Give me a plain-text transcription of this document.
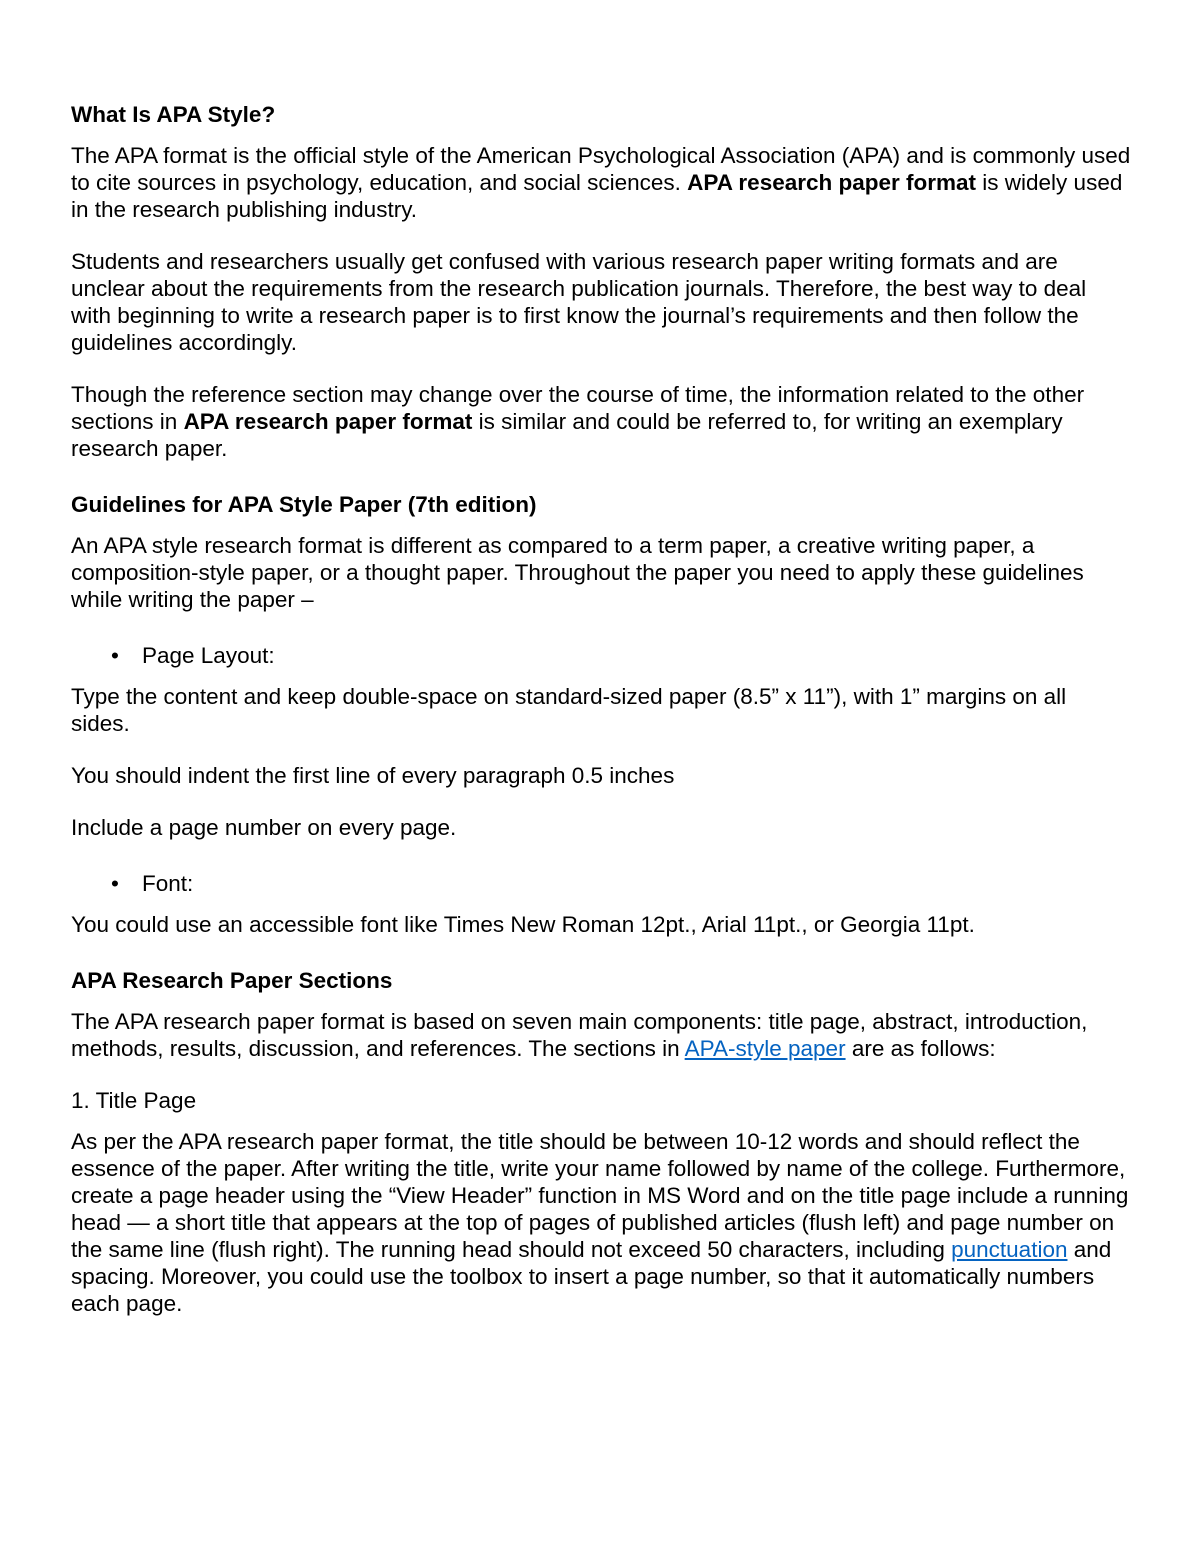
What Is APA Style?

The APA format is the official style of the American Psychological Association (APA) and is commonly used to cite sources in psychology, education, and social sciences. APA research paper format is widely used in the research publishing industry.

Students and researchers usually get confused with various research paper writing formats and are unclear about the requirements from the research publication journals. Therefore, the best way to deal with beginning to write a research paper is to first know the journal’s requirements and then follow the guidelines accordingly.

Though the reference section may change over the course of time, the information related to the other sections in APA research paper format is similar and could be referred to, for writing an exemplary research paper.

Guidelines for APA Style Paper (7th edition)

An APA style research format is different as compared to a term paper, a creative writing paper, a composition-style paper, or a thought paper. Throughout the paper you need to apply these guidelines while writing the paper –

• Page Layout:

Type the content and keep double-space on standard-sized paper (8.5” x 11”), with 1” margins on all sides.

You should indent the first line of every paragraph 0.5 inches

Include a page number on every page.

• Font:

You could use an accessible font like Times New Roman 12pt., Arial 11pt., or Georgia 11pt.

APA Research Paper Sections

The APA research paper format is based on seven main components: title page, abstract, introduction, methods, results, discussion, and references. The sections in APA-style paper are as follows:

1. Title Page

As per the APA research paper format, the title should be between 10-12 words and should reflect the essence of the paper. After writing the title, write your name followed by name of the college. Furthermore, create a page header using the “View Header” function in MS Word and on the title page include a running head — a short title that appears at the top of pages of published articles (flush left) and page number on the same line (flush right). The running head should not exceed 50 characters, including punctuation and spacing. Moreover, you could use the toolbox to insert a page number, so that it automatically numbers each page.
